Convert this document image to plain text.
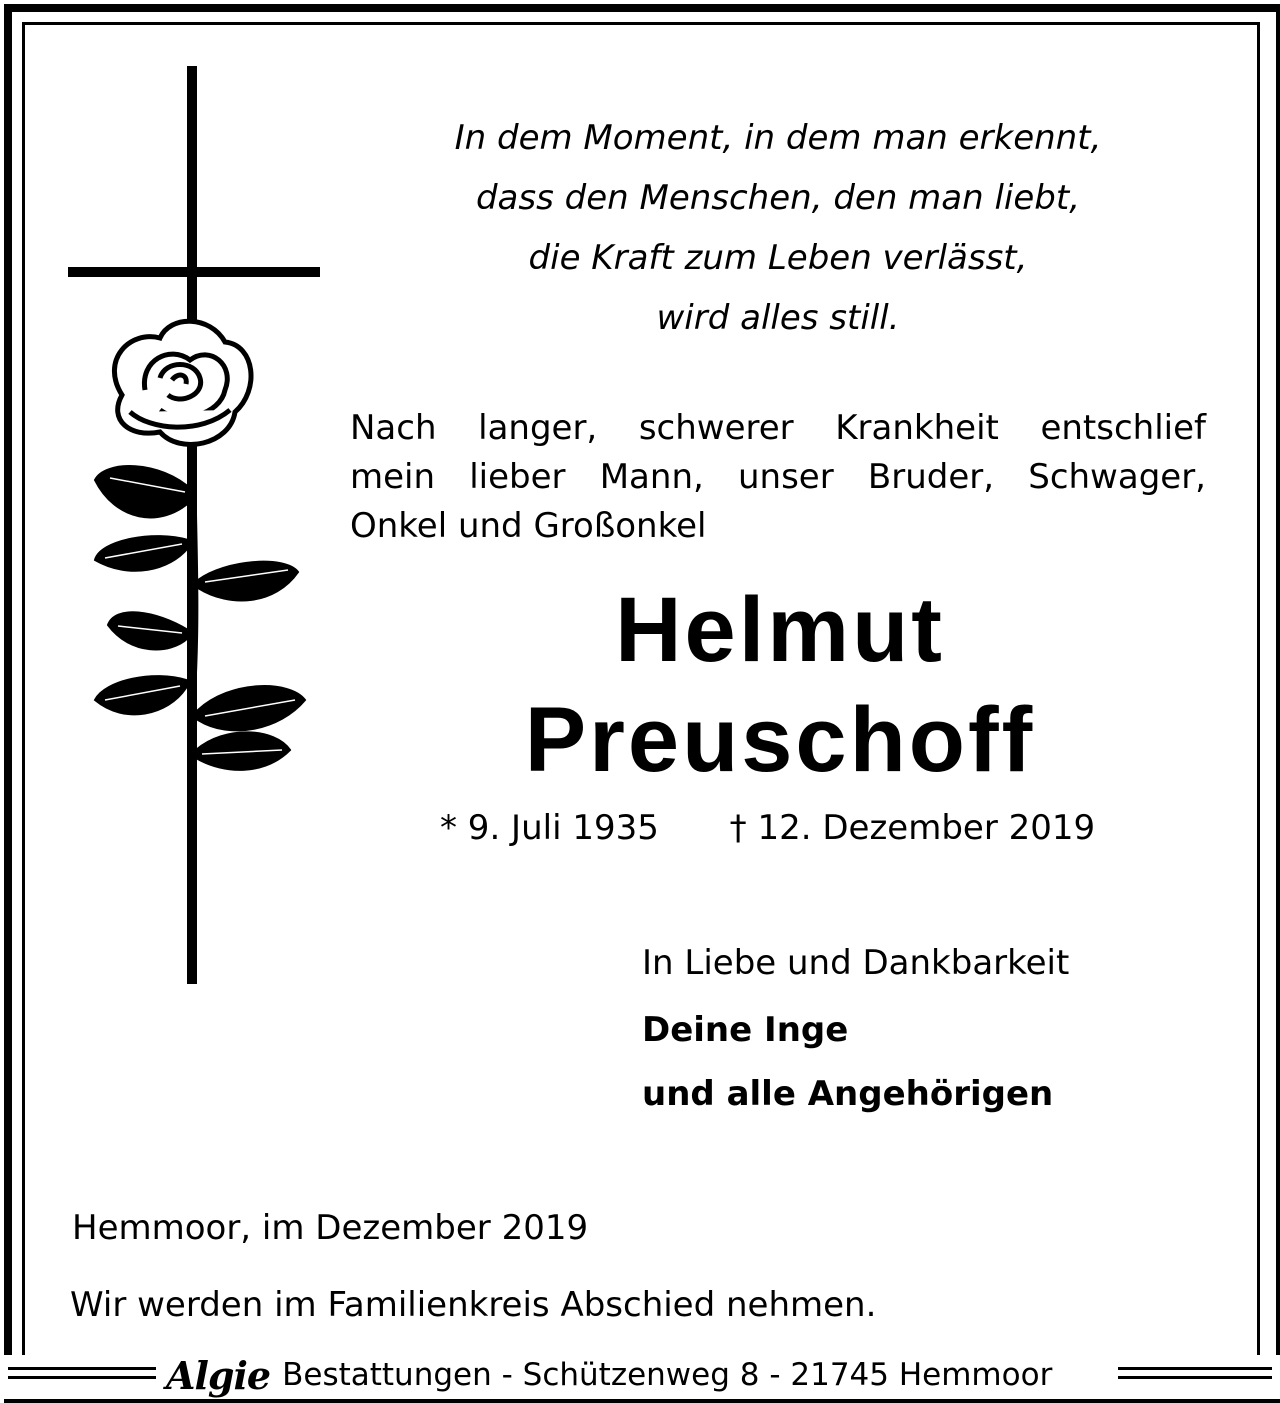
In dem Moment, in dem man erkennt,
dass den Menschen, den man liebt,
die Kraft zum Leben verlässt,
wird alles still.
Nach langer, schwerer Krankheit entschlief
mein lieber Mann, unser Bruder, Schwager,
Onkel und Großonkel
Helmut
Preuschoff
* 9. Juli 1935 † 12. Dezember 2019
In Liebe und Dankbarkeit
Deine Inge
und alle Angehörigen
Hemmoor, im Dezember 2019
Wir werden im Familienkreis Abschied nehmen.
Algie Bestattungen - Schützenweg 8 - 21745 Hemmoor
